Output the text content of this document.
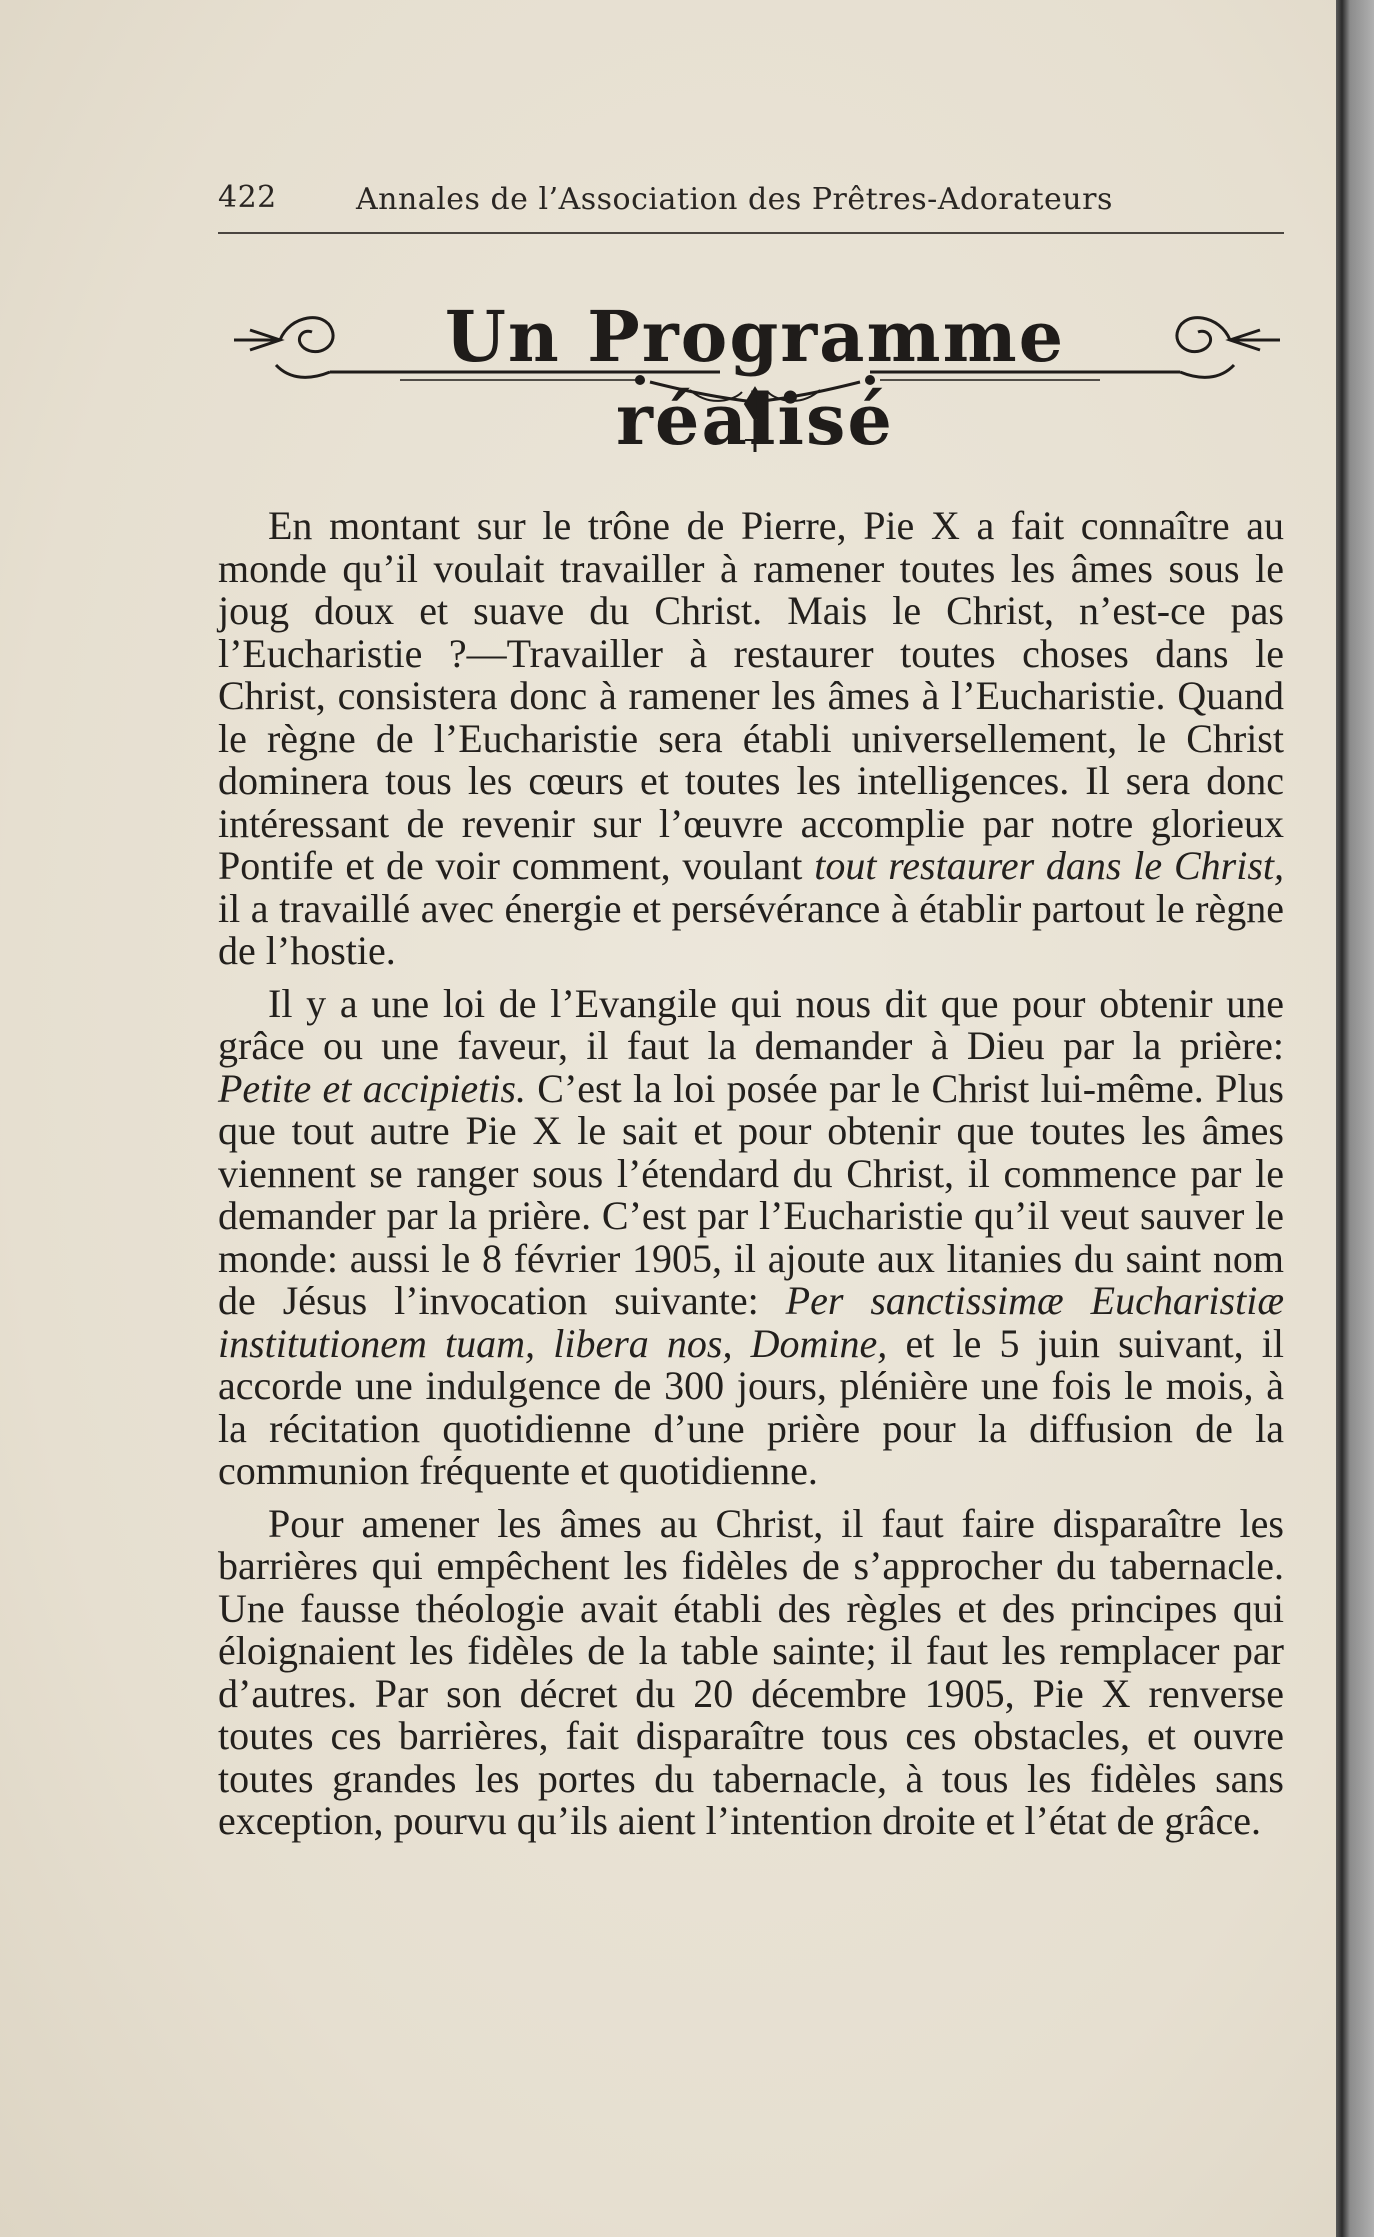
422	Annales de l’Association des Prêtres-Adorateurs
Un Programme réalisé

En montant sur le trône de Pierre, Pie X a fait connaître au monde qu’il voulait travailler à ramener toutes les âmes sous le joug doux et suave du Christ. Mais le Christ, n’est-ce pas l’Eucharistie ?—Travailler à restaurer toutes choses dans le Christ, consistera donc à ramener les âmes à l’Eucharistie. Quand le règne de l’Eucharistie sera établi universellement, le Christ dominera tous les cœurs et toutes les intelligences. Il sera donc intéressant de revenir sur l’œuvre accomplie par notre glorieux Pontife et de voir comment, voulant tout restaurer dans le Christ, il a travaillé avec énergie et persévérance à établir partout le règne de l’hostie.

Il y a une loi de l’Evangile qui nous dit que pour obtenir une grâce ou une faveur, il faut la demander à Dieu par la prière: Petite et accipietis. C’est la loi posée par le Christ lui-même. Plus que tout autre Pie X le sait et pour obtenir que toutes les âmes viennent se ranger sous l’étendard du Christ, il commence par le demander par la prière. C’est par l’Eucharistie qu’il veut sauver le monde: aussi le 8 février 1905, il ajoute aux litanies du saint nom de Jésus l’invocation suivante: Per sanctissimæ Eucharistiæ institutionem tuam, libera nos, Domine, et le 5 juin suivant, il accorde une indulgence de 300 jours, plénière une fois le mois, à la récitation quotidienne d’une prière pour la diffusion de la communion fréquente et quotidienne.

Pour amener les âmes au Christ, il faut faire disparaître les barrières qui empêchent les fidèles de s’approcher du tabernacle. Une fausse théologie avait établi des règles et des principes qui éloignaient les fidèles de la table sainte; il faut les remplacer par d’autres. Par son décret du 20 décembre 1905, Pie X renverse toutes ces barrières, fait disparaître tous ces obstacles, et ouvre toutes grandes les portes du tabernacle, à tous les fidèles sans exception, pourvu qu’ils aient l’intention droite et l’état de grâce.
